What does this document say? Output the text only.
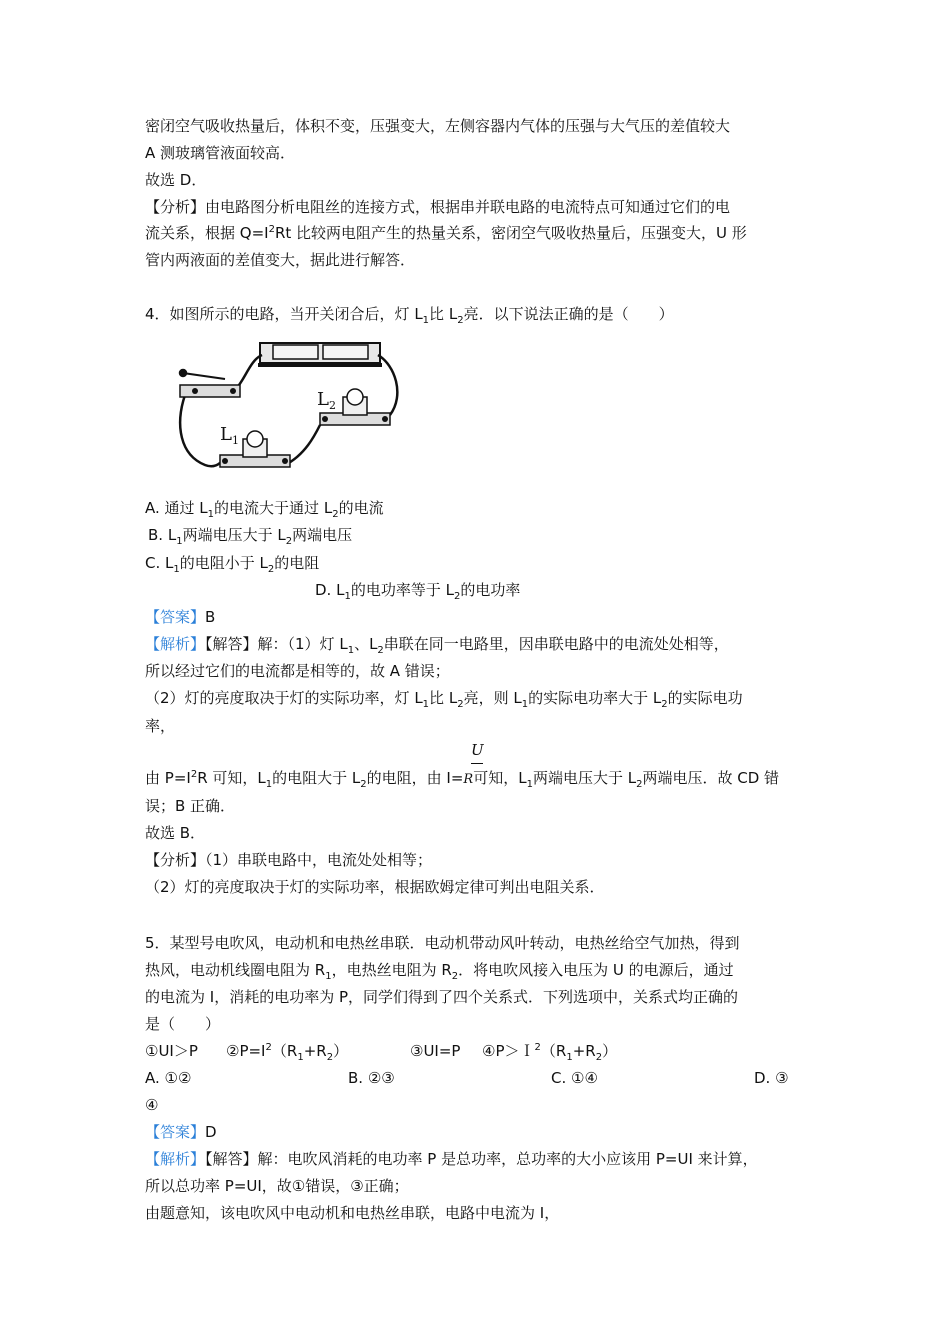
密闭空气吸收热量后，体积不变，压强变大，左侧容器内气体的压强与大气压的差值较大
A 测玻璃管液面较高．
故选 D．
【分析】由电路图分析电阻丝的连接方式，根据串并联电路的电流特点可知通过它们的电
流关系，根据 $Q=I^2Rt$ 比较两电阻产生的热量关系，密闭空气吸收热量后，压强变大，U 形
管内两液面的差值变大，据此进行解答．
4．如图所示的电路，当开关闭合后，灯 $L_1$比 $L_2$亮．以下说法正确的是（　　）
$L_2$
$L_1$
A. 通过 $L_1$的电流大于通过 $L_2$的电流
B. $L_1$两端电压大于 $L_2$两端电压
C. $L_1$的电阻小于 $L_2$的电阻
D. $L_1$的电功率等于 $L_2$的电功率
【答案】B
【解析】【解答】解：（1）灯 $L_1$、$L_2$串联在同一电路里，因串联电路中的电流处处相等，
所以经过它们的电流都是相等的，故 A 错误；
（2）灯的亮度取决于灯的实际功率，灯 $L_1$比 $L_2$亮，则 $L_1$的实际电功率大于 $L_2$的实际电功
率，
U
由 $P=I^2R$ 可知，$L_1$的电阻大于 $L_2$的电阻，由 I=R可知，$L_1$两端电压大于 $L_2$两端电压．故 CD 错
误；B 正确．
故选 B．
【分析】（1）串联电路中，电流处处相等；
（2）灯的亮度取决于灯的实际功率，根据欧姆定律可判出电阻关系．
5．某型号电吹风，电动机和电热丝串联．电动机带动风叶转动，电热丝给空气加热，得到
热风，电动机线圈电阻为 $R_1$，电热丝电阻为 $R_2$．将电吹风接入电压为 U 的电源后，通过
的电流为 I，消耗的电功率为 P，同学们得到了四个关系式．下列选项中，关系式均正确的
是（　　）
①UI＞P $②P=I^2(R_1+R_2)$	③UI=P $④P>I^2(R_1+R_2)$
A. ①②	B. ②③	C. ①④	D. ③
④
【答案】D
【解析】【解答】解：电吹风消耗的电功率 P 是总功率，总功率的大小应该用 P=UI 来计算，
所以总功率 P=UI，故①错误，③正确；
由题意知，该电吹风中电动机和电热丝串联，电路中电流为 I，
